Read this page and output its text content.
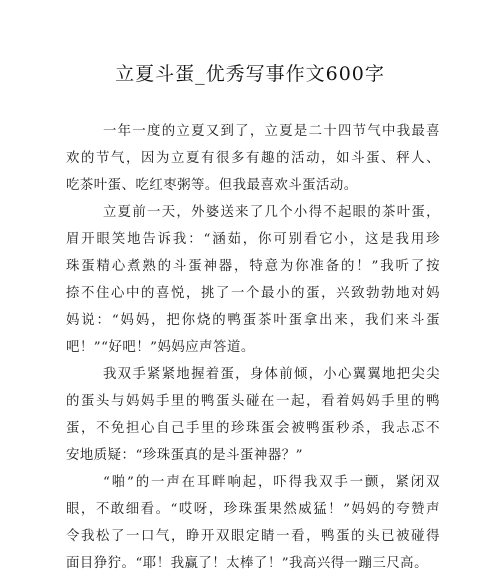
立夏斗蛋_优秀写事作文600字
一年一度的立夏又到了，立夏是二十四节气中我最喜
欢的节气，因为立夏有很多有趣的活动，如斗蛋、秤人、
吃茶叶蛋、吃红枣粥等。但我最喜欢斗蛋活动。
立夏前一天，外婆送来了几个小得不起眼的茶叶蛋，
眉开眼笑地告诉我：“涵茹，你可别看它小，这是我用珍
珠蛋精心煮熟的斗蛋神器，特意为你准备的！”我听了按
捺不住心中的喜悦，挑了一个最小的蛋，兴致勃勃地对妈
妈说：“妈妈，把你烧的鸭蛋茶叶蛋拿出来，我们来斗蛋
吧！”“好吧！”妈妈应声答道。
我双手紧紧地握着蛋，身体前倾，小心翼翼地把尖尖
的蛋头与妈妈手里的鸭蛋头碰在一起，看着妈妈手里的鸭
蛋，不免担心自己手里的珍珠蛋会被鸭蛋秒杀，我忐忑不
安地质疑：“珍珠蛋真的是斗蛋神器？”
“啪”的一声在耳畔响起，吓得我双手一颤，紧闭双
眼，不敢细看。“哎呀，珍珠蛋果然威猛！”妈妈的夸赞声
令我松了一口气，睁开双眼定睛一看，鸭蛋的头已被碰得
面目狰狞。“耶！我赢了！太棒了！”我高兴得一蹦三尺高。
